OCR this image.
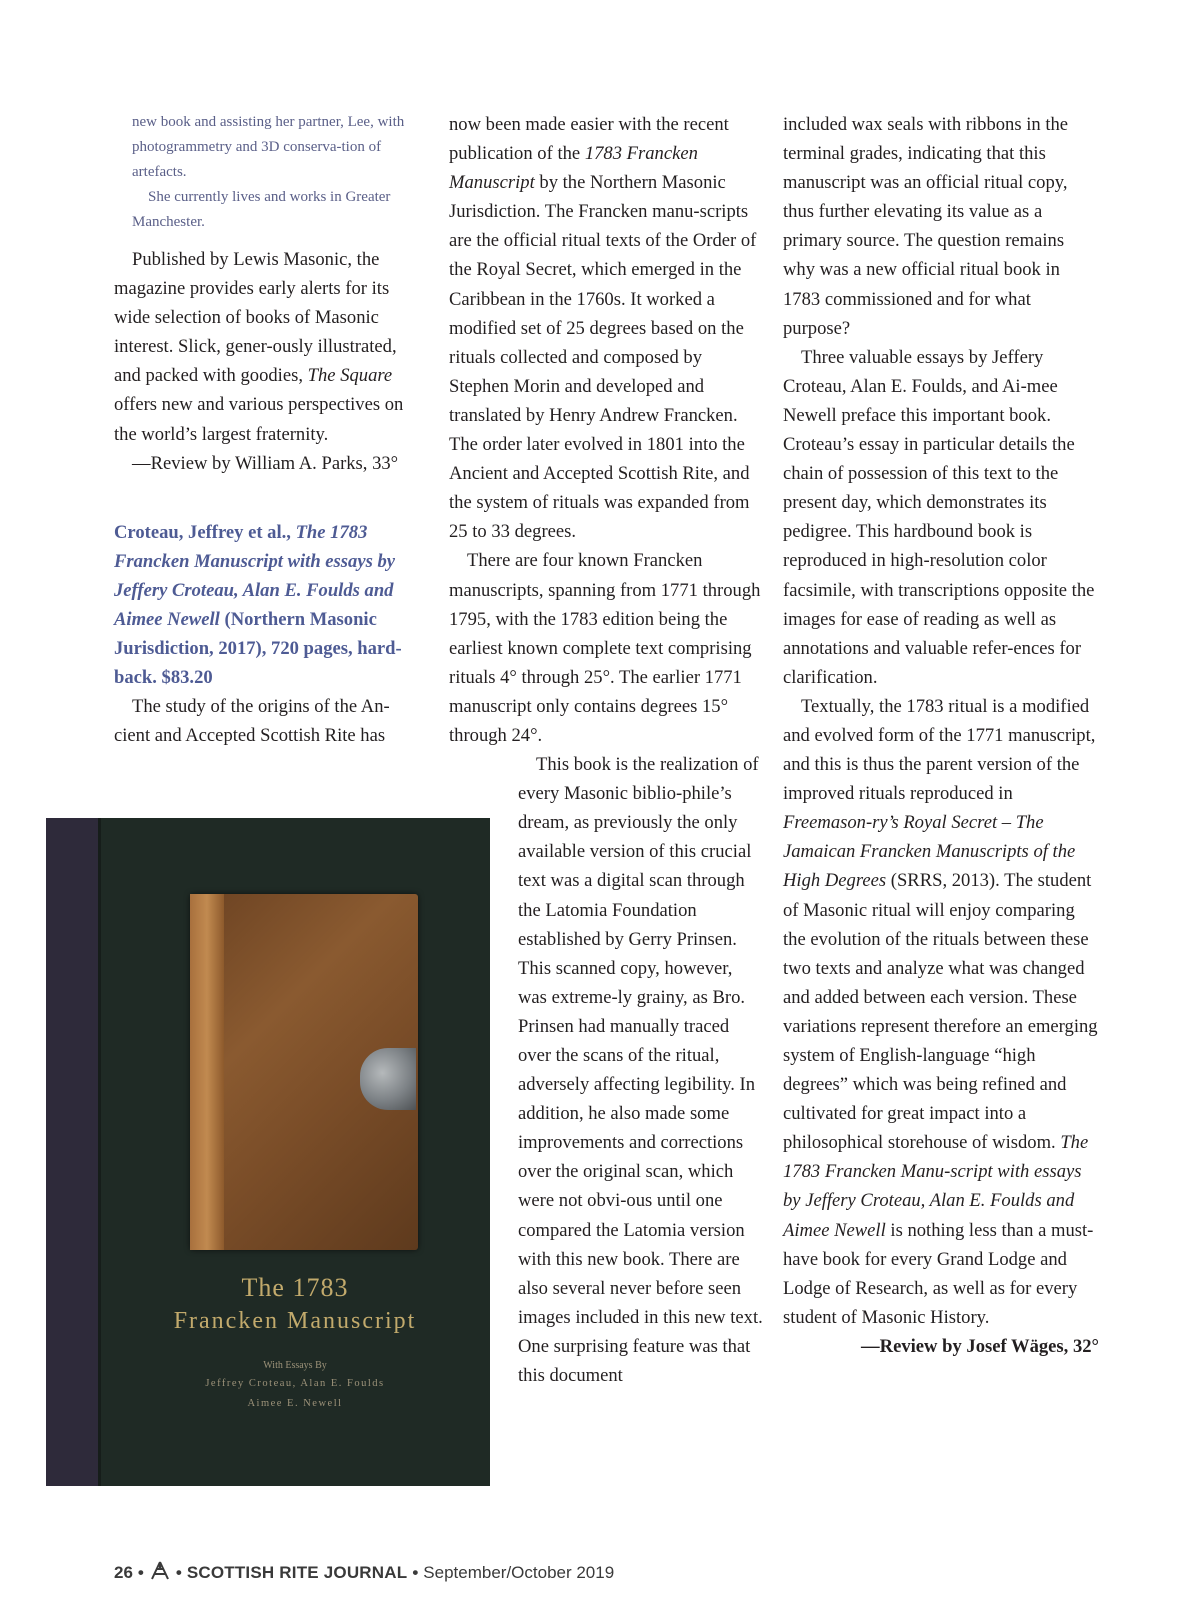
new book and assisting her partner, Lee, with photogrammetry and 3D conserva-tion of artefacts.

She currently lives and works in Greater Manchester.

Published by Lewis Masonic, the magazine provides early alerts for its wide selection of books of Masonic interest. Slick, gener-ously illustrated, and packed with goodies, The Square offers new and various perspectives on the world’s largest fraternity.

—Review by William A. Parks, 33°

Croteau, Jeffrey et al., The 1783 Francken Manuscript with essays by Jeffery Croteau, Alan E. Foulds and Aimee Newell (Northern Masonic Jurisdiction, 2017), 720 pages, hard-back. $83.20

The study of the origins of the An-cient and Accepted Scottish Rite has

now been made easier with the recent publication of the 1783 Francken Manuscript by the Northern Masonic Jurisdiction. The Francken manu-scripts are the official ritual texts of the Order of the Royal Secret, which emerged in the Caribbean in the 1760s. It worked a modified set of 25 degrees based on the rituals collected and composed by Stephen Morin and developed and translated by Henry Andrew Francken. The order later evolved in 1801 into the Ancient and Accepted Scottish Rite, and the system of rituals was expanded from 25 to 33 degrees.

There are four known Francken manuscripts, spanning from 1771 through 1795, with the 1783 edition being the earliest known complete text comprising rituals 4° through 25°. The earlier 1771 manuscript only contains degrees 15° through 24°.

This book is the realization of every Masonic biblio-phile’s dream, as previously the only available version of this crucial text was a digital scan through the Latomia Foundation established by Gerry Prinsen. This scanned copy, however, was extreme-ly grainy, as Bro. Prinsen had manually traced over the scans of the ritual, adversely affecting legibility. In addition, he also made some improvements and corrections over the original scan, which were not obvi-ous until one compared the Latomia version with this new book. There are also several never before seen images included in this new text. One surprising feature was that this document

included wax seals with ribbons in the terminal grades, indicating that this manuscript was an official ritual copy, thus further elevating its value as a primary source. The question remains why was a new official ritual book in 1783 commissioned and for what purpose?

Three valuable essays by Jeffery Croteau, Alan E. Foulds, and Ai-mee Newell preface this important book. Croteau’s essay in particular details the chain of possession of this text to the present day, which demonstrates its pedigree. This hardbound book is reproduced in high-resolution color facsimile, with transcriptions opposite the images for ease of reading as well as annotations and valuable refer-ences for clarification.

Textually, the 1783 ritual is a modified and evolved form of the 1771 manuscript, and this is thus the parent version of the improved rituals reproduced in Freemason-ry’s Royal Secret – The Jamaican Francken Manuscripts of the High Degrees (SRRS, 2013). The student of Masonic ritual will enjoy comparing the evolution of the rituals between these two texts and analyze what was changed and added between each version. These variations represent therefore an emerging system of English-language “high degrees” which was being refined and cultivated for great impact into a philosophical storehouse of wisdom. The 1783 Francken Manu-script with essays by Jeffery Croteau, Alan E. Foulds and Aimee Newell is nothing less than a must-have book for every Grand Lodge and Lodge of Research, as well as for every student of Masonic History.

—Review by Josef Wäges, 32°

The 1783
Francken Manuscript
With Essays By
Jeffrey Croteau, Alan E. Foulds
Aimee E. Newell
26 • • SCOTTISH RITE JOURNAL • September/October 2019
